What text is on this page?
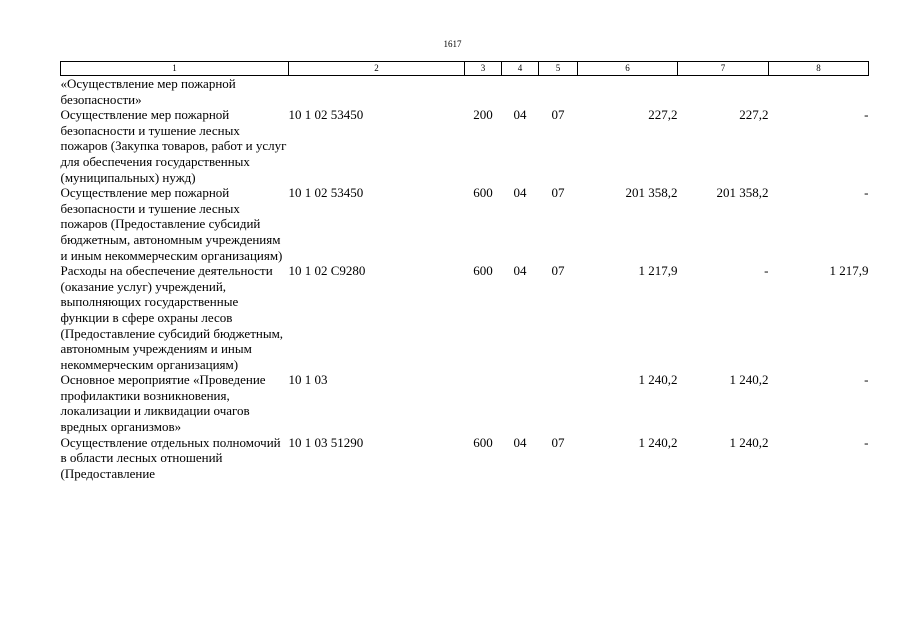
1617
1	2	3	4	5	6	7	8
«Осуществление мер пожарной безопасности»							
Осуществление мер пожарной безопасности и тушение лесных пожаров (Закупка товаров, работ и услуг для обеспечения государственных (муниципальных) нужд)	10 1 02 53450	200	04	07	227,2	227,2	-
Осуществление мер пожарной безопасности и тушение лесных пожаров (Предоставление субсидий бюджетным, автономным учреждениям и иным некоммерческим организациям)	10 1 02 53450	600	04	07	201 358,2	201 358,2	-
Расходы на обеспечение деятельности (оказание услуг) учреждений, выполняющих государственные функции в сфере охраны лесов (Предоставление субсидий бюджетным, автономным учреждениям и иным некоммерческим организациям)	10 1 02 С9280	600	04	07	1 217,9	-	1 217,9
Основное мероприятие «Проведение профилактики возникновения, локализации и ликвидации очагов вредных организмов»	10 1 03				1 240,2	1 240,2	-
Осуществление отдельных полномочий в области лесных отношений (Предоставление	10 1 03 51290	600	04	07	1 240,2	1 240,2	-
